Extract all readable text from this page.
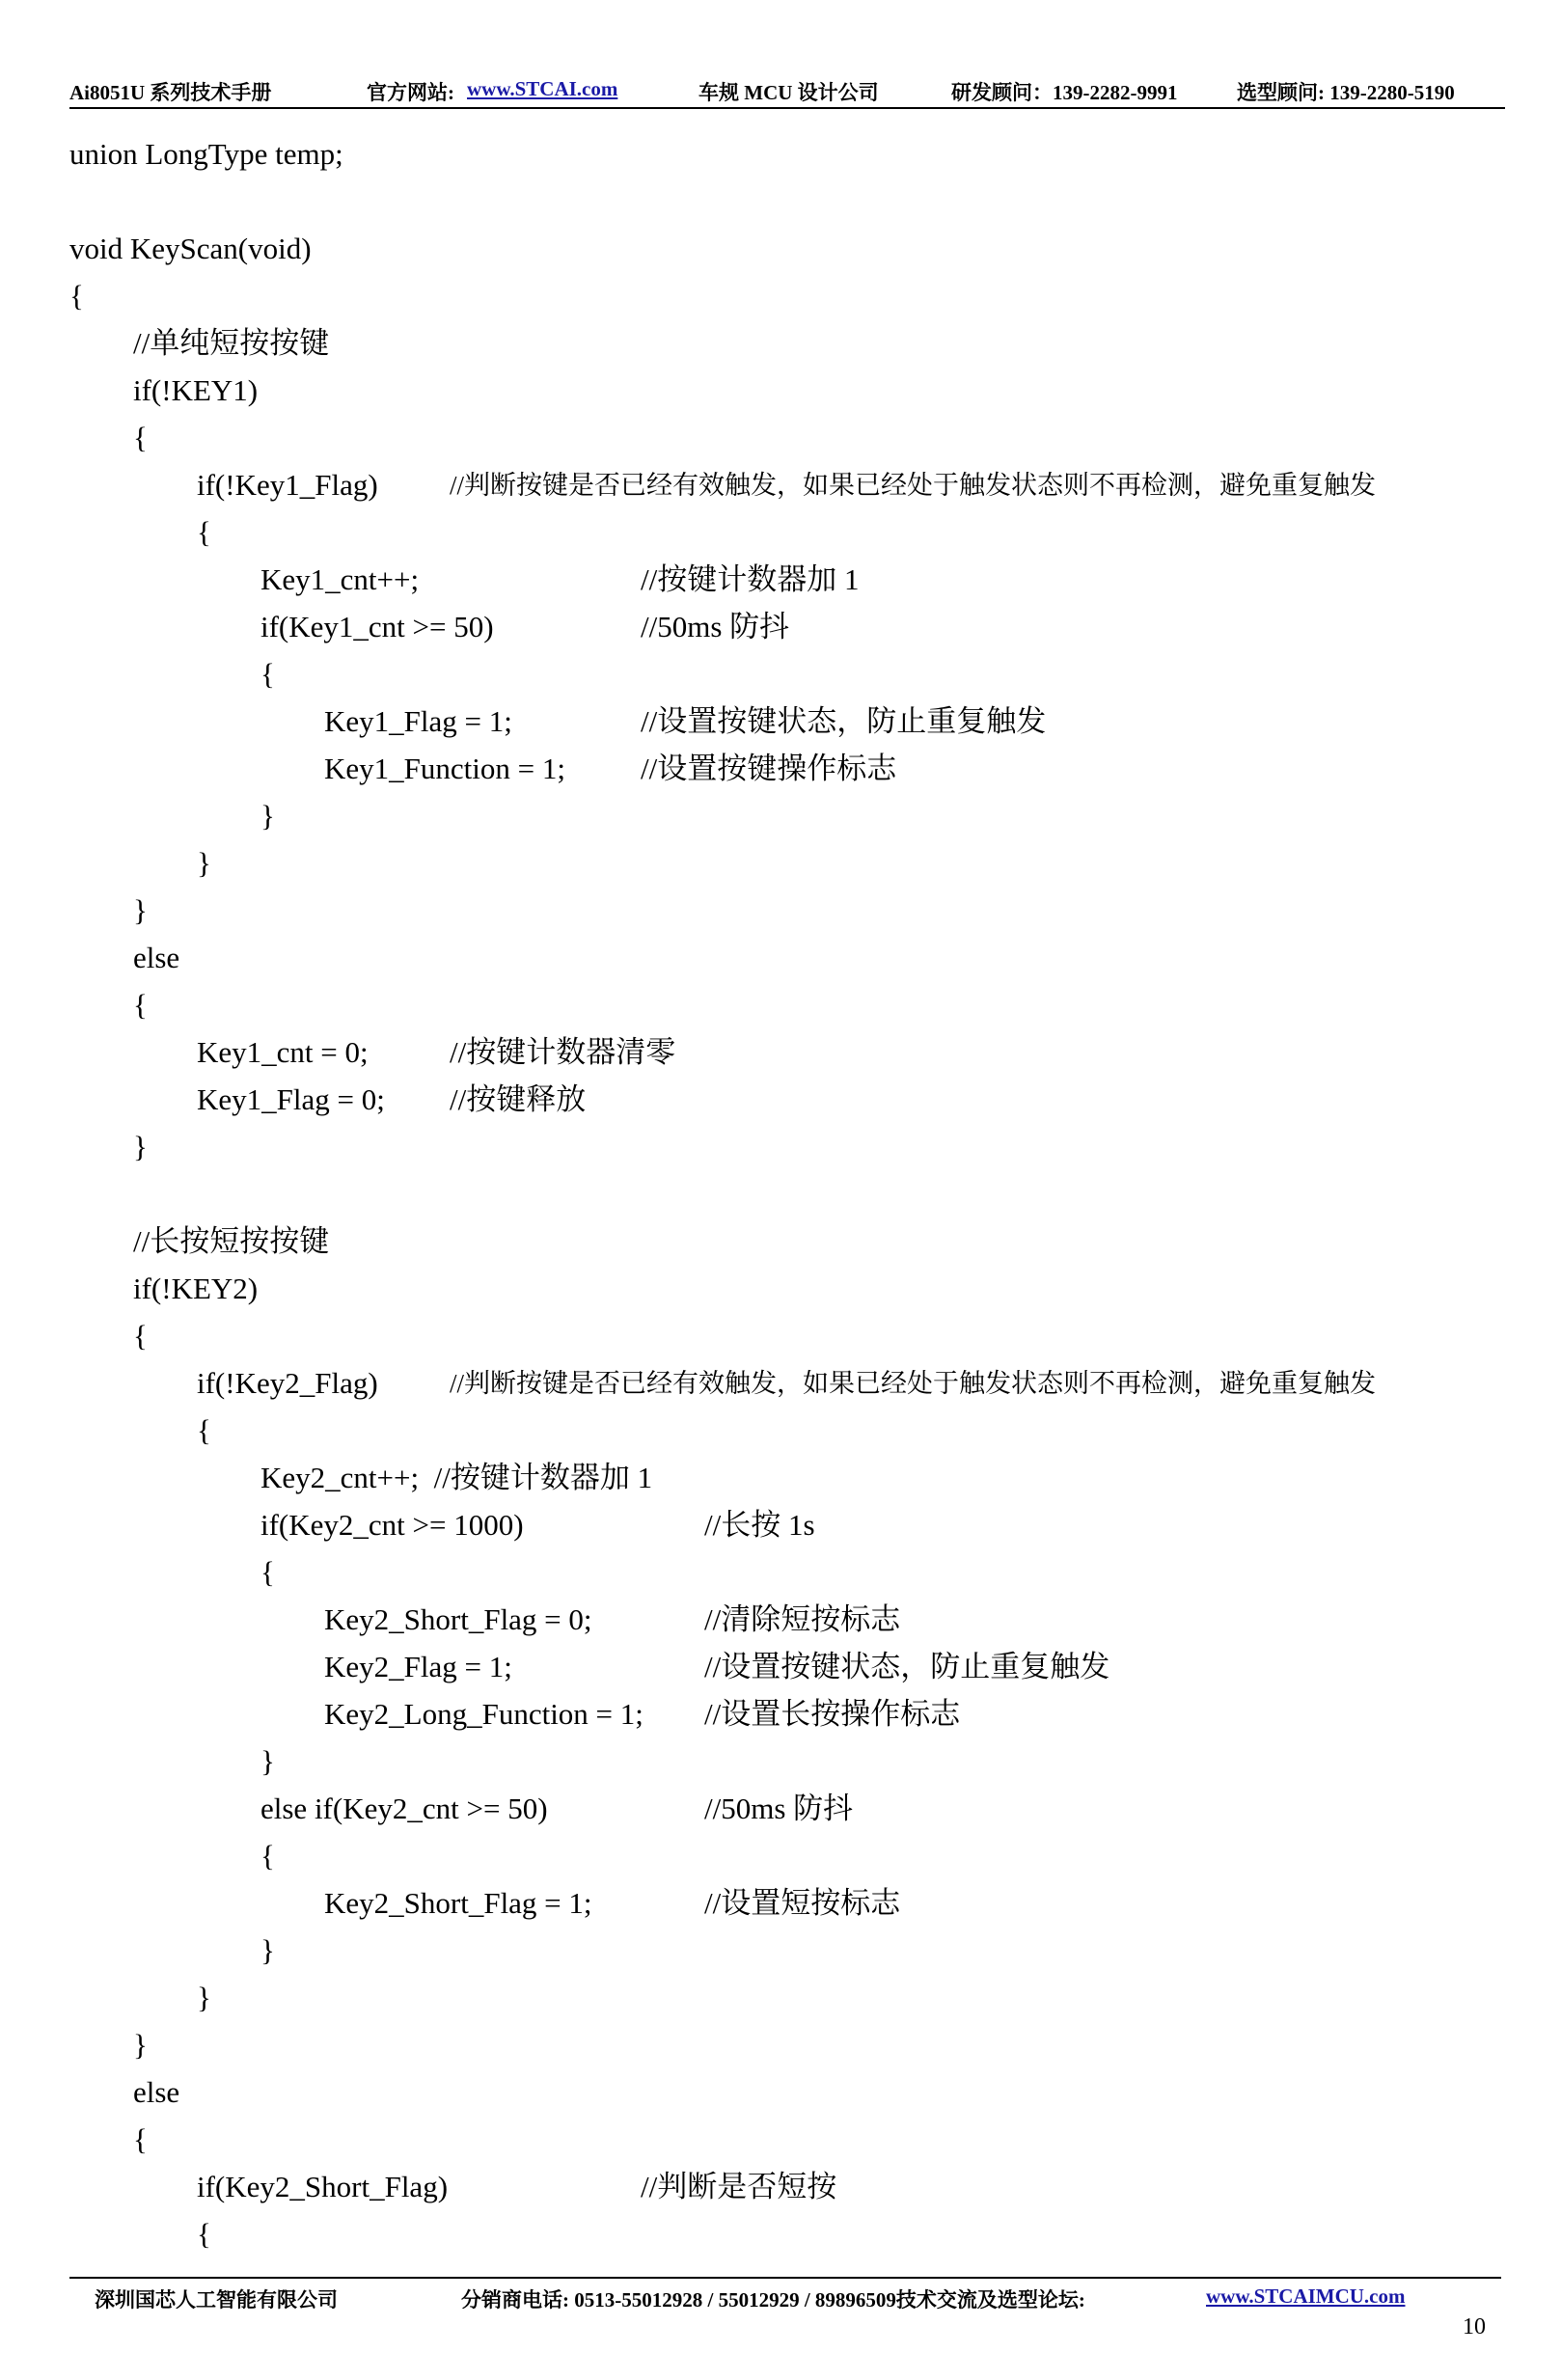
Ai8051U 系列技术手册	官方网站: www.STCAI.com	车规 MCU 设计公司	研发顾问：139-2282-9991	选型顾问: 139-2280-5190
union LongType temp;
void KeyScan(void)
{
//单纯短按按键
if(!KEY1)
{
if(!Key1_Flag)	//判断按键是否已经有效触发，如果已经处于触发状态则不再检测，避免重复触发
{
Key1_cnt++;	//按键计数器加 1
if(Key1_cnt >= 50)	//50ms 防抖
{
Key1_Flag = 1;	//设置按键状态，防止重复触发
Key1_Function = 1;	//设置按键操作标志
}
}
}
else
{
Key1_cnt = 0;	//按键计数器清零
Key1_Flag = 0; //按键释放
}
//长按短按按键
if(!KEY2)
{
if(!Key2_Flag)	//判断按键是否已经有效触发，如果已经处于触发状态则不再检测，避免重复触发
{
Key2_cnt++;  //按键计数器加 1
if(Key2_cnt >= 1000)	//长按 1s
{
Key2_Short_Flag = 0;	//清除短按标志
Key2_Flag = 1;	//设置按键状态，防止重复触发
Key2_Long_Function = 1; //设置长按操作标志
}
else if(Key2_cnt >= 50)	//50ms 防抖
{
Key2_Short_Flag = 1;	//设置短按标志
}
}
}
else
{
if(Key2_Short_Flag)	//判断是否短按
{
深圳国芯人工智能有限公司	分销商电话: 0513-55012928 / 55012929 / 89896509技术交流及选型论坛:	www.STCAIMCU.com
10
